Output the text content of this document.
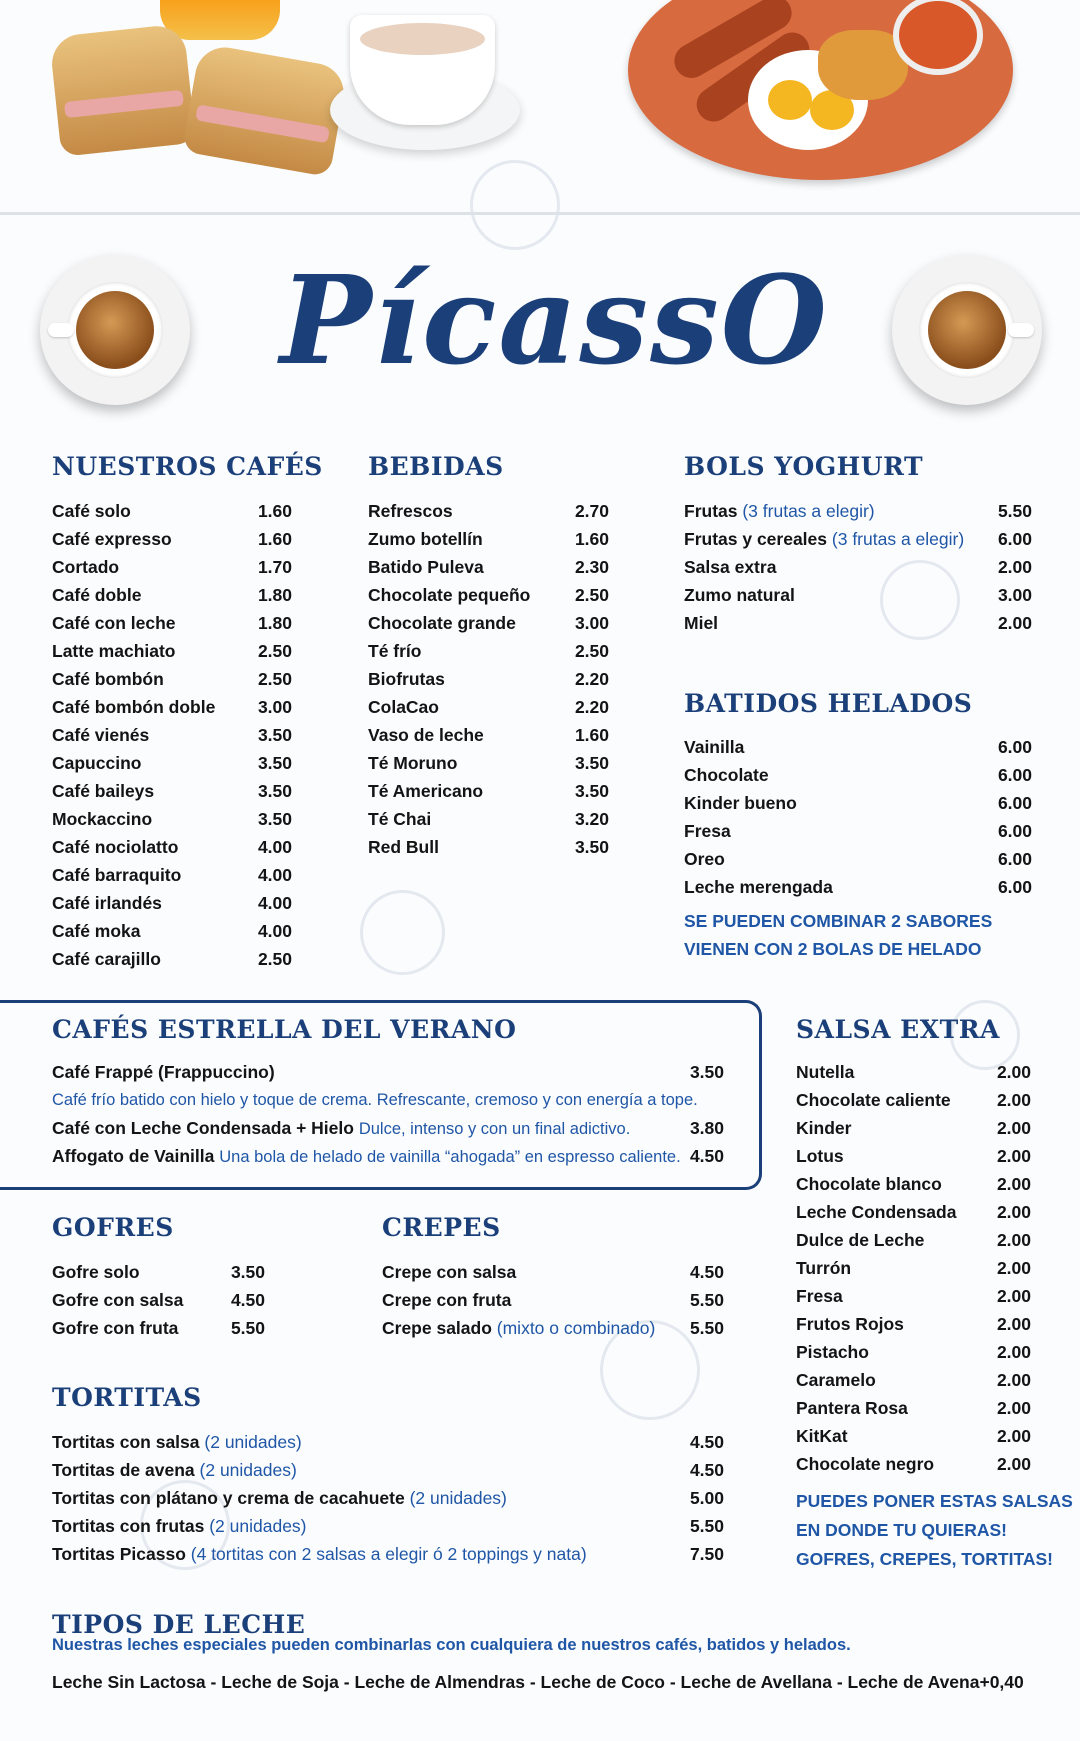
PícassO
NUESTROS CAFÉS
Café solo	1.60
Café expresso	1.60
Cortado	1.70
Café doble	1.80
Café con leche	1.80
Latte machiato	2.50
Café bombón	2.50
Café bombón doble 3.00
Café vienés	3.50
Capuccino	3.50
Café baileys	3.50
Mockaccino	3.50
Café nociolatto	4.00
Café barraquito	4.00
Café irlandés	4.00
Café moka	4.00
Café carajillo	2.50
BEBIDAS
Refrescos	2.70
Zumo botellín	1.60
Batido Puleva	2.30
Chocolate pequeño	2.50
Chocolate grande	3.00
Té frío	2.50
Biofrutas	2.20
ColaCao	2.20
Vaso de leche	1.60
Té Moruno	3.50
Té Americano	3.50
Té Chai	3.20
Red Bull	3.50
BOLS YOGHURT
Frutas (3 frutas a elegir)	5.50
Frutas y cereales (3 frutas a elegir) 6.00
Salsa extra	2.00
Zumo natural	3.00
Miel	2.00
BATIDOS HELADOS
Vainilla	6.00
Chocolate	6.00
Kinder bueno	6.00
Fresa	6.00
Oreo	6.00
Leche merengada	6.00
SE PUEDEN COMBINAR 2 SABORES
VIENEN CON 2 BOLAS DE HELADO
CAFÉS ESTRELLA DEL VERANO
Café Frappé (Frappuccino)	3.50
Café frío batido con hielo y toque de crema. Refrescante, cremoso y con energía a tope.
Café con Leche Condensada + Hielo Dulce, intenso y con un final adictivo.	3.80
Affogato de Vainilla Una bola de helado de vainilla “ahogada” en espresso caliente. 4.50
SALSA EXTRA
Nutella	2.00
Chocolate caliente	2.00
Kinder	2.00
Lotus	2.00
Chocolate blanco	2.00
Leche Condensada 2.00
Dulce de Leche	2.00
Turrón	2.00
Fresa	2.00
Frutos Rojos	2.00
Pistacho	2.00
Caramelo	2.00
Pantera Rosa	2.00
KitKat	2.00
Chocolate negro	2.00
PUEDES PONER ESTAS SALSAS
EN DONDE TU QUIERAS!
GOFRES, CREPES, TORTITAS!
GOFRES
Gofre solo	3.50
Gofre con salsa	4.50
Gofre con fruta	5.50
CREPES
Crepe con salsa	4.50
Crepe con fruta	5.50
Crepe salado (mixto o combinado) 5.50
TORTITAS
Tortitas con salsa (2 unidades)	4.50
Tortitas de avena (2 unidades)	4.50
Tortitas con plátano y crema de cacahuete (2 unidades)	5.00
Tortitas con frutas (2 unidades)	5.50
Tortitas Picasso (4 tortitas con 2 salsas a elegir ó 2 toppings y nata)	7.50
TIPOS DE LECHE
Nuestras leches especiales pueden combinarlas con cualquiera de nuestros cafés, batidos y helados.
Leche Sin Lactosa - Leche de Soja - Leche de Almendras - Leche de Coco - Leche de Avellana - Leche de Avena +0,40
